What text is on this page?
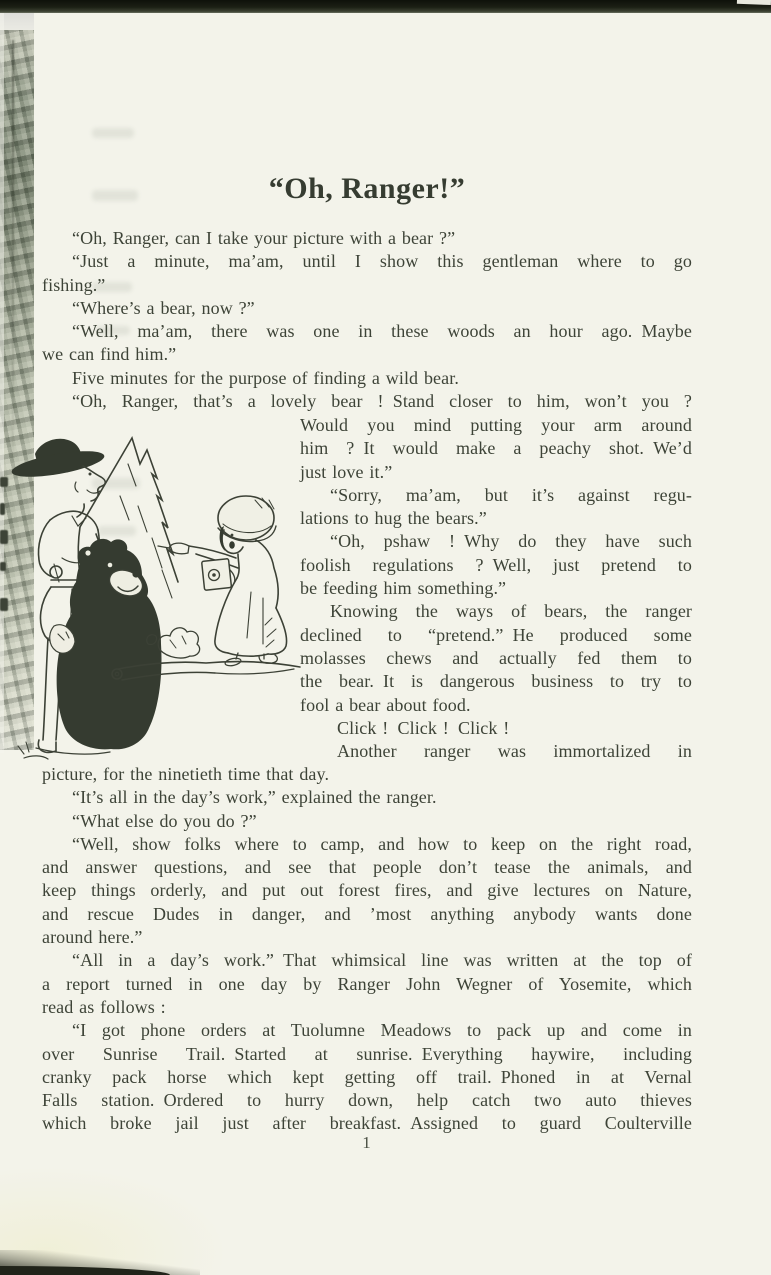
“Oh, Ranger!”
“Oh, Ranger, can I take your picture with a bear ?”
“Just a minute, ma’am, until I show this gentleman where to go
fishing.”
“Where’s a bear, now ?”
“Well, ma’am, there was one in these woods an hour ago. Maybe
we can find him.”
Five minutes for the purpose of finding a wild bear.
“Oh, Ranger, that’s a lovely bear ! Stand closer to him, won’t you ?
Would you mind putting your arm around
him ? It would make a peachy shot. We’d
just love it.”
“Sorry, ma’am, but it’s against regu-
lations to hug the bears.”
“Oh, pshaw ! Why do they have such
foolish regulations ? Well, just pretend to
be feeding him something.”
Knowing the ways of bears, the ranger
declined to “pretend.” He produced some
molasses chews and actually fed them to
the bear. It is dangerous business to try to
fool a bear about food.
Click ! Click ! Click !
Another ranger was immortalized in
picture, for the ninetieth time that day.
“It’s all in the day’s work,” explained the ranger.
“What else do you do ?”
“Well, show folks where to camp, and how to keep on the right road,
and answer questions, and see that people don’t tease the animals, and
keep things orderly, and put out forest fires, and give lectures on Nature,
and rescue Dudes in danger, and ’most anything anybody wants done
around here.”
“All in a day’s work.” That whimsical line was written at the top of
a report turned in one day by Ranger John Wegner of Yosemite, which
read as follows :
“I got phone orders at Tuolumne Meadows to pack up and come in
over Sunrise Trail. Started at sunrise. Everything haywire, including
cranky pack horse which kept getting off trail. Phoned in at Vernal
Falls station. Ordered to hurry down, help catch two auto thieves
which broke jail just after breakfast. Assigned to guard Coulterville
1
